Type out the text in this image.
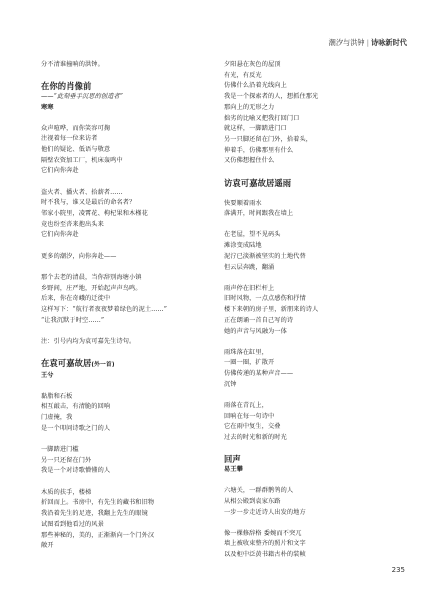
潮汐与洪钟 | 诗咏新时代
分不清谁撞响的洪钟。
在你的肖像前
——“此刻垂手沉思的创造者”
寒寒
众声喧哗，而你笑容可掬
注视着每一位来访者
他们的疑论、低语与敬意
隔壁农资加工厂，机床轰鸣中
它们向你奔赴
盗火者、播火者、拾薪者……
时不我与，谁又是最后的命名者？
邻家小院里，凌霄花、枸杞果和木槿花
竟也纷至沓来抱出头来
它们向你奔赴
更多的潮汐，向你奔赴——
那个去老的清晨，当你辞别海塘小镇
乡野间，庄严地，开始起声声鸟鸣。
后来，你在奇峨的迁徙中
这样写下：“航行者夜夜梦着绿色的泥土……”
“让我沉默于时空……”
注：引号内均为袁可嘉先生诗句。
在袁可嘉故居(外一首)
王兮
黏脂和石板
相互敲击，有清脆的回响
门虚掩，我
是一个叩问诗歌之门的人
一脚踏进门槛
另一只还留在门外
我是一个对诗歌懵懂的人
木质的扶手，楼梯
折回而上。书房中，有先生的藏书和旧物
我沿着先生的足迹，我翻上先生的眼镜
试图看到他看过的风景
那些神秘的，美的，正渐渐向一个门外汉
敞开
夕阳悬在灰色的屋顶
有光，有反光
仿佛什么沿着光线向上
我是一个探索者的人，想抓住那光
那向上的无形之力
拙劣的比喻又把我打回门口
就这样，一脚踏进门口
另一只脚还留在门外，拾着头，
伸着手，仿佛那里有什么
又仿佛想握住什么
访袁可嘉故居遥雨
快要顺着雨水
落满开，时间跟我在墙上
在老屋，望不见码头
滩涂变成陆地
泥泞已淡渐被坚实的土地代替
但云层奔跳，翻涌
雨声停在旧栏杆上
旧时风物，一点点感伤和抒情
楼下来朝的房子里，新朋来的诗人
正在朗诵一首自己写的诗
她的声音与风融为一体
雨珠落在缸里，
一圈一圈，扩散开
仿佛传递的某种声音——
沉钟
雨落在青瓦上，
回响在每一句诗中
它在雨中复生，交叠
过去的时光和新的时光
回声
易王攀
六塘关，一群群鹡鸰的人
从相公殿到袁家东路
一步一步走近诗人出发的地方
像一棵修辞格 委婉而不突兀
墙上被收束整齐的照片和文字
以及柜中泛黄书籍古朴的装帧
235
